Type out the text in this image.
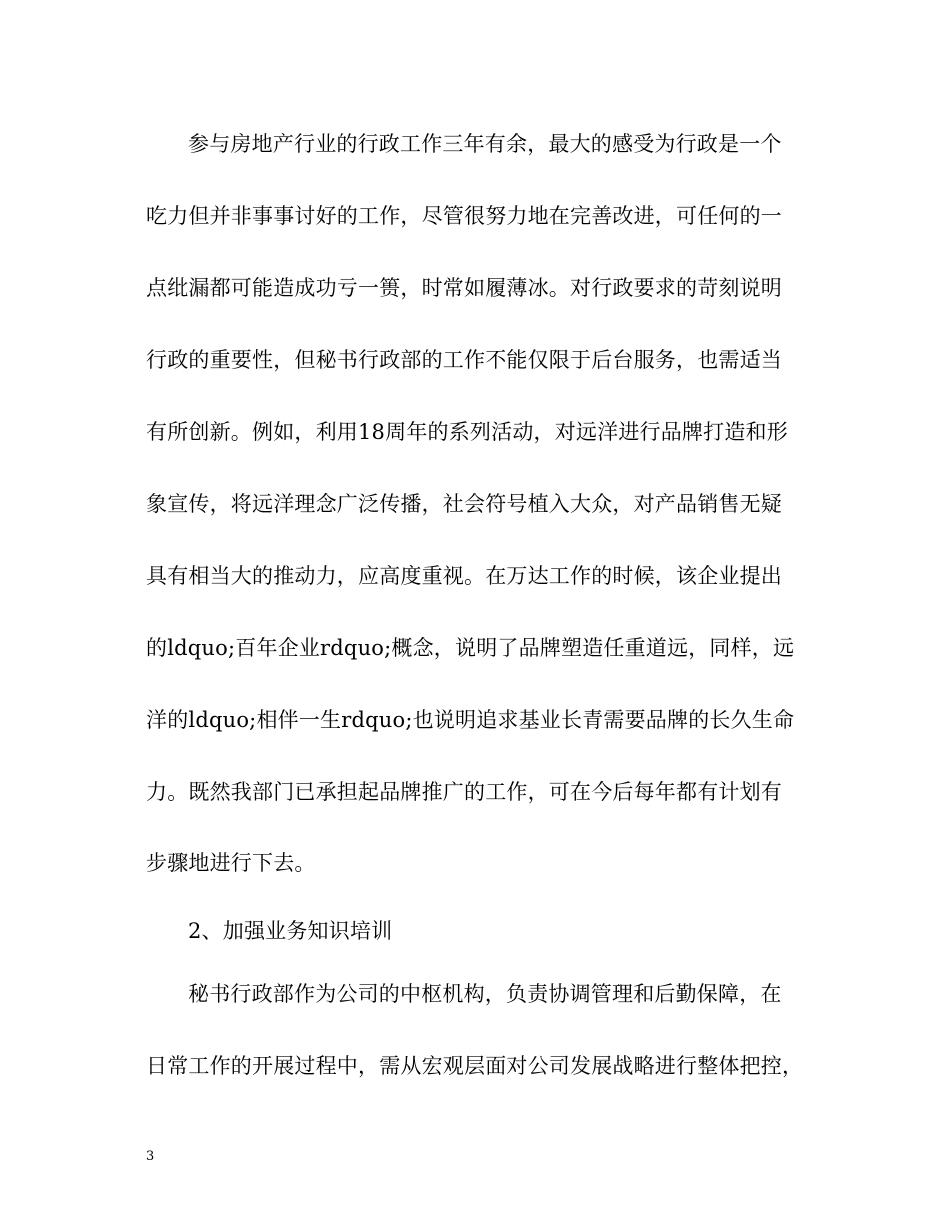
参与房地产行业的行政工作三年有余，最大的感受为行政是一个
吃力但并非事事讨好的工作，尽管很努力地在完善改进，可任何的一
点纰漏都可能造成功亏一篑，时常如履薄冰。对行政要求的苛刻说明
行政的重要性，但秘书行政部的工作不能仅限于后台服务，也需适当
有所创新。例如，利用18周年的系列活动，对远洋进行品牌打造和形
象宣传，将远洋理念广泛传播，社会符号植入大众，对产品销售无疑
具有相当大的推动力，应高度重视。在万达工作的时候，该企业提出
的ldquo;百年企业rdquo;概念，说明了品牌塑造任重道远，同样，远
洋的ldquo;相伴一生rdquo;也说明追求基业长青需要品牌的长久生命
力。既然我部门已承担起品牌推广的工作，可在今后每年都有计划有
步骤地进行下去。
2、加强业务知识培训
秘书行政部作为公司的中枢机构，负责协调管理和后勤保障，在
日常工作的开展过程中，需从宏观层面对公司发展战略进行整体把控，
3
